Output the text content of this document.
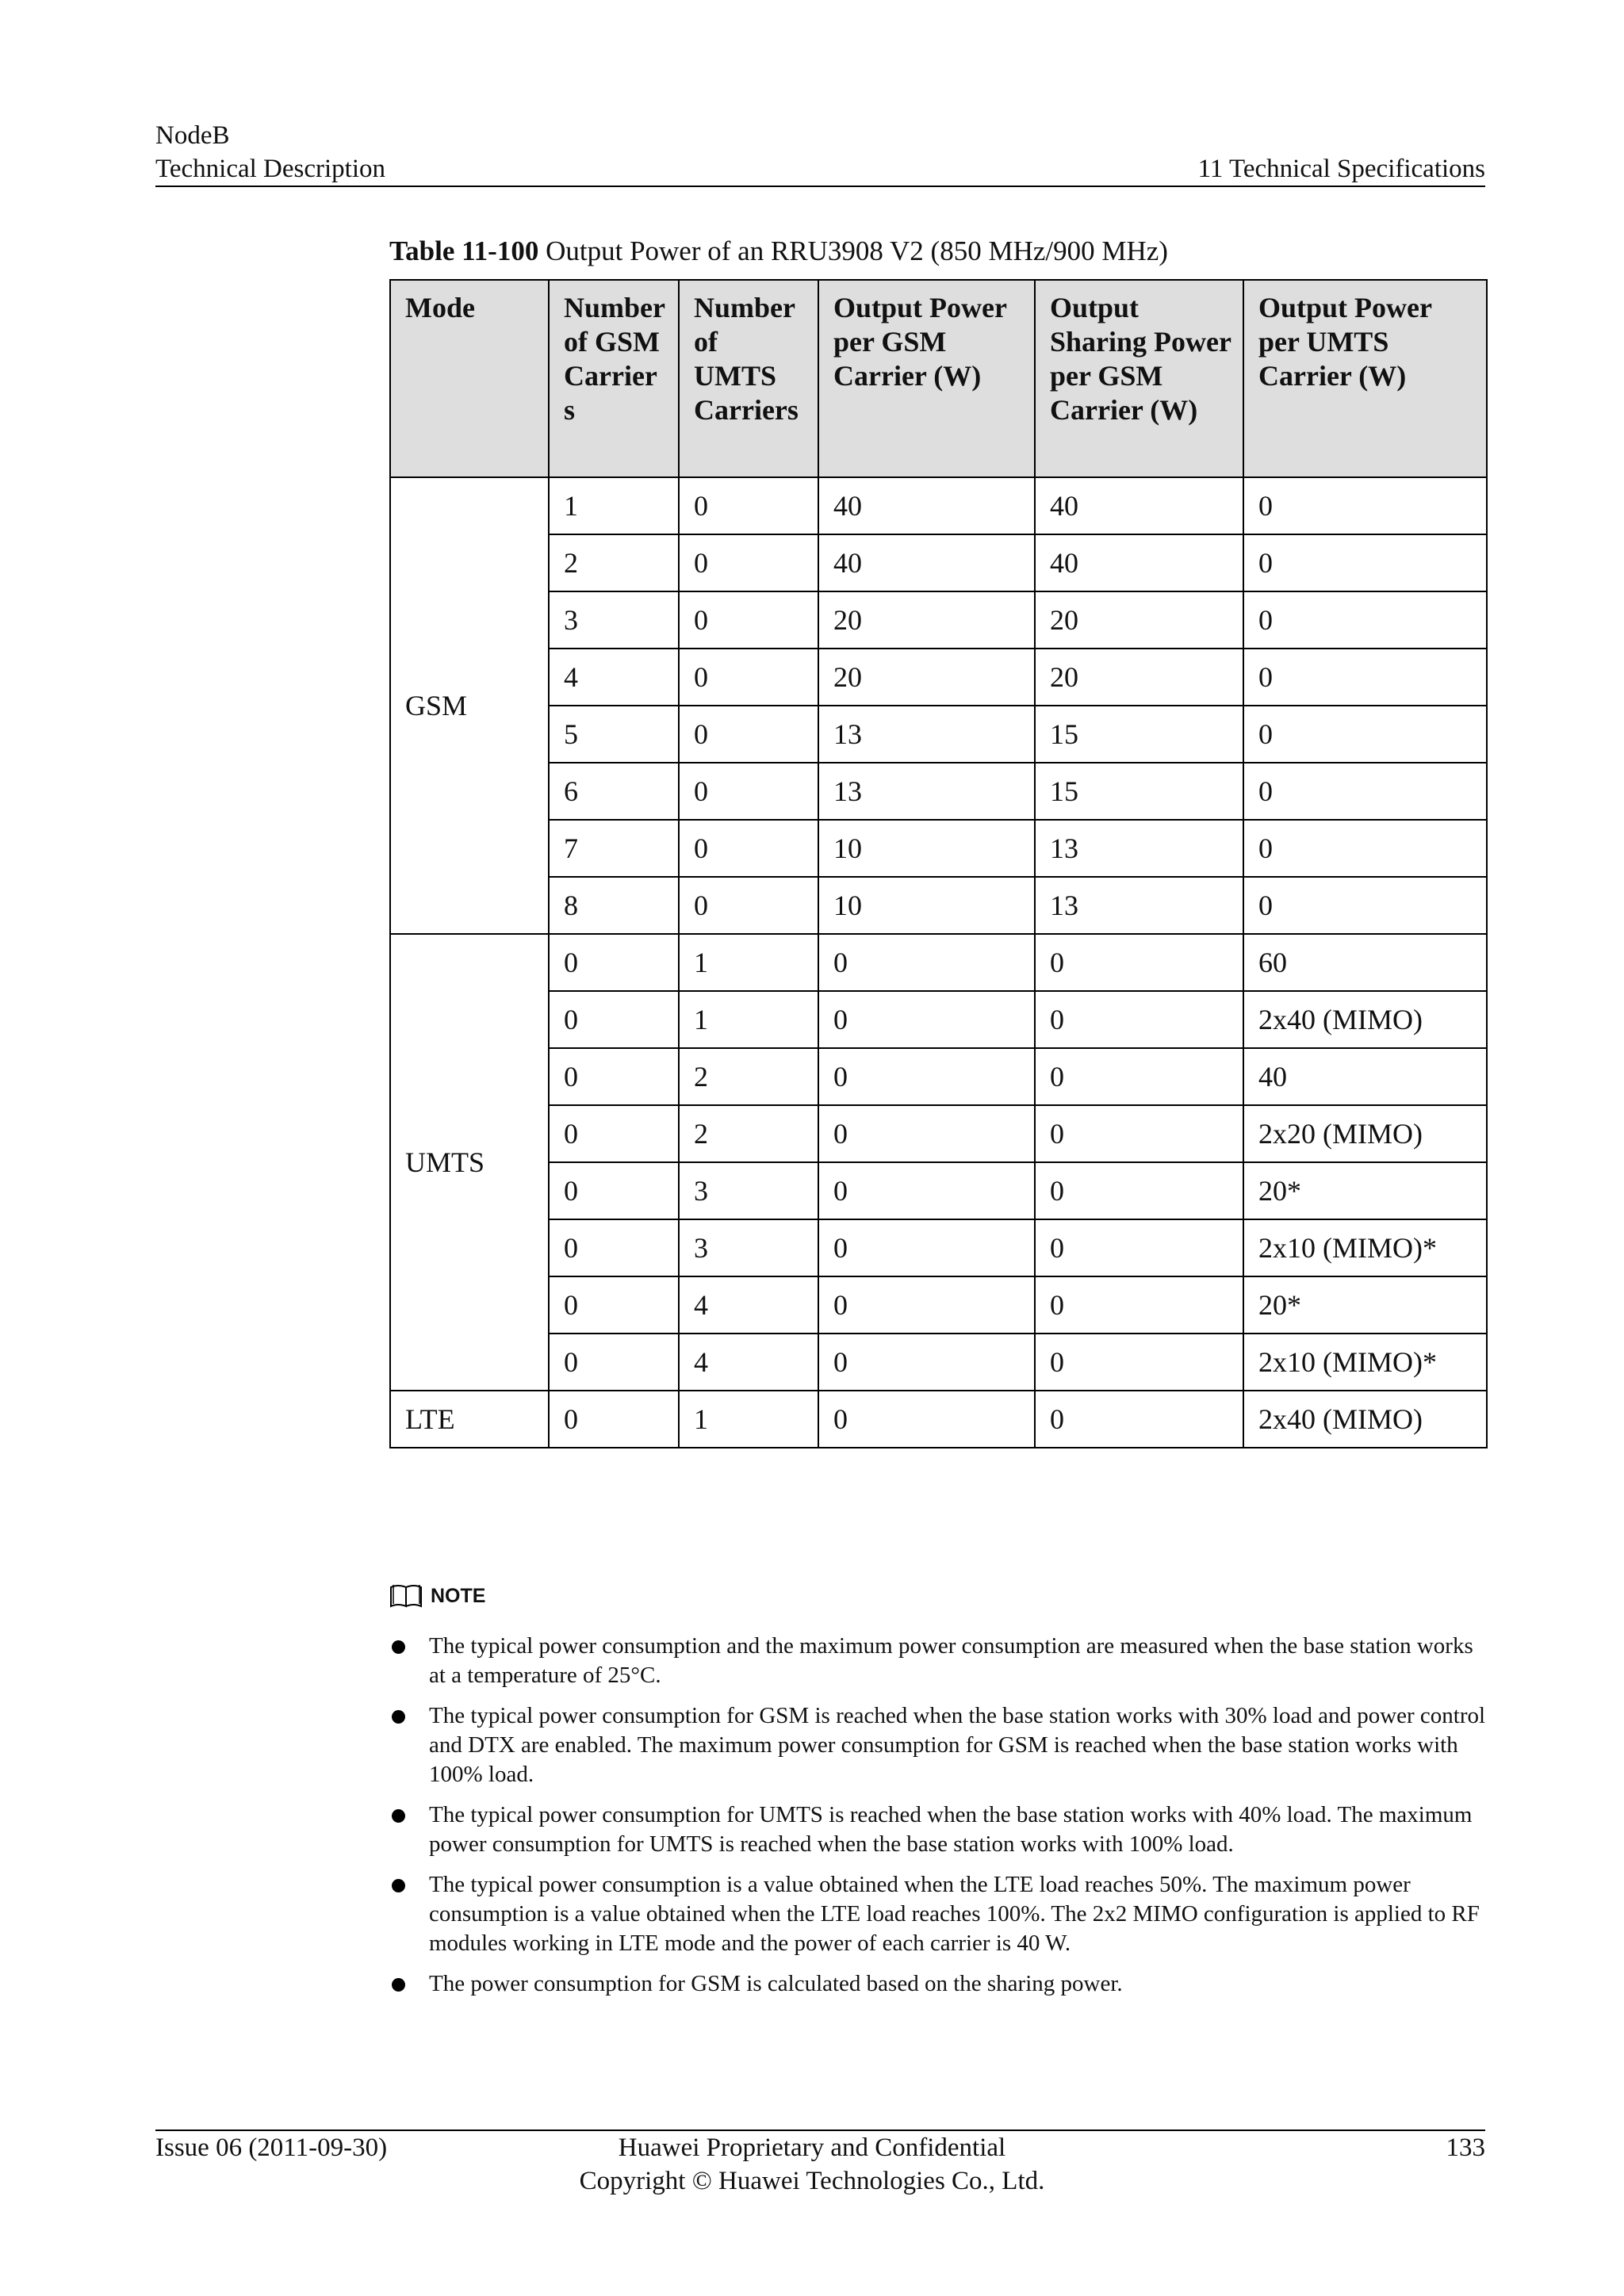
NodeB
Technical Description	11 Technical Specifications
Table 11-100 Output Power of an RRU3908 V2 (850 MHz/900 MHz)
Mode	Number of GSM Carriers	Number of UMTS Carriers	Output Power per GSM Carrier (W)	Output Sharing Power per GSM Carrier (W)	Output Power per UMTS Carrier (W)
GSM	1	0	40	40	0
	2	0	40	40	0
	3	0	20	20	0
	4	0	20	20	0
	5	0	13	15	0
	6	0	13	15	0
	7	0	10	13	0
	8	0	10	13	0
UMTS	0	1	0	0	60
	0	1	0	0	2x40 (MIMO)
	0	2	0	0	40
	0	2	0	0	2x20 (MIMO)
	0	3	0	0	20*
	0	3	0	0	2x10 (MIMO)*
	0	4	0	0	20*
	0	4	0	0	2x10 (MIMO)*
LTE	0	1	0	0	2x40 (MIMO)
NOTE
The typical power consumption and the maximum power consumption are measured when the base station works at a temperature of 25°C.
The typical power consumption for GSM is reached when the base station works with 30% load and power control and DTX are enabled. The maximum power consumption for GSM is reached when the base station works with 100% load.
The typical power consumption for UMTS is reached when the base station works with 40% load. The maximum power consumption for UMTS is reached when the base station works with 100% load.
The typical power consumption is a value obtained when the LTE load reaches 50%. The maximum power consumption is a value obtained when the LTE load reaches 100%. The 2x2 MIMO configuration is applied to RF modules working in LTE mode and the power of each carrier is 40 W.
The power consumption for GSM is calculated based on the sharing power.
Issue 06 (2011-09-30)	Huawei Proprietary and Confidential
Copyright © Huawei Technologies Co., Ltd.
133
